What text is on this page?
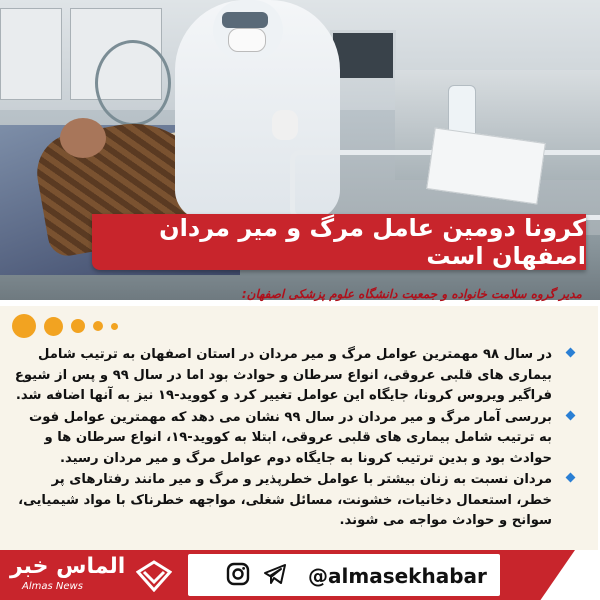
کرونا دومین عامل مرگ و میر مردان اصفهان است
مدیر گروه سلامت خانواده و جمعیت دانشگاه علوم پزشکی اصفهان:

در سال ۹۸ مهمترین عوامل مرگ و میر مردان در استان اصفهان به ترتیب شامل بیماری های قلبی عروقی، انواع سرطان و حوادث بود اما در سال ۹۹ و پس از شیوع فراگیر ویروس کرونا، جایگاه این عوامل تغییر کرد و کووید-۱۹ نیز به آنها اضافه شد.

بررسی آمار مرگ و میر مردان در سال ۹۹ نشان می دهد که مهمترین عوامل فوت به ترتیب شامل بیماری های قلبی عروقی، ابتلا به کووید-۱۹، انواع سرطان ها و حوادث بود و بدین ترتیب کرونا به جایگاه دوم عوامل مرگ و میر مردان رسید.

مردان نسبت به زنان بیشتر با عوامل خطرپذیر و مرگ و میر مانند رفتارهای پر خطر، استعمال دخانیات، خشونت، مسائل شغلی، مواجهه خطرناک با مواد شیمیایی، سوانح و حوادث مواجه می شوند.

الماس خبر
Almas News	@almasekhabar
